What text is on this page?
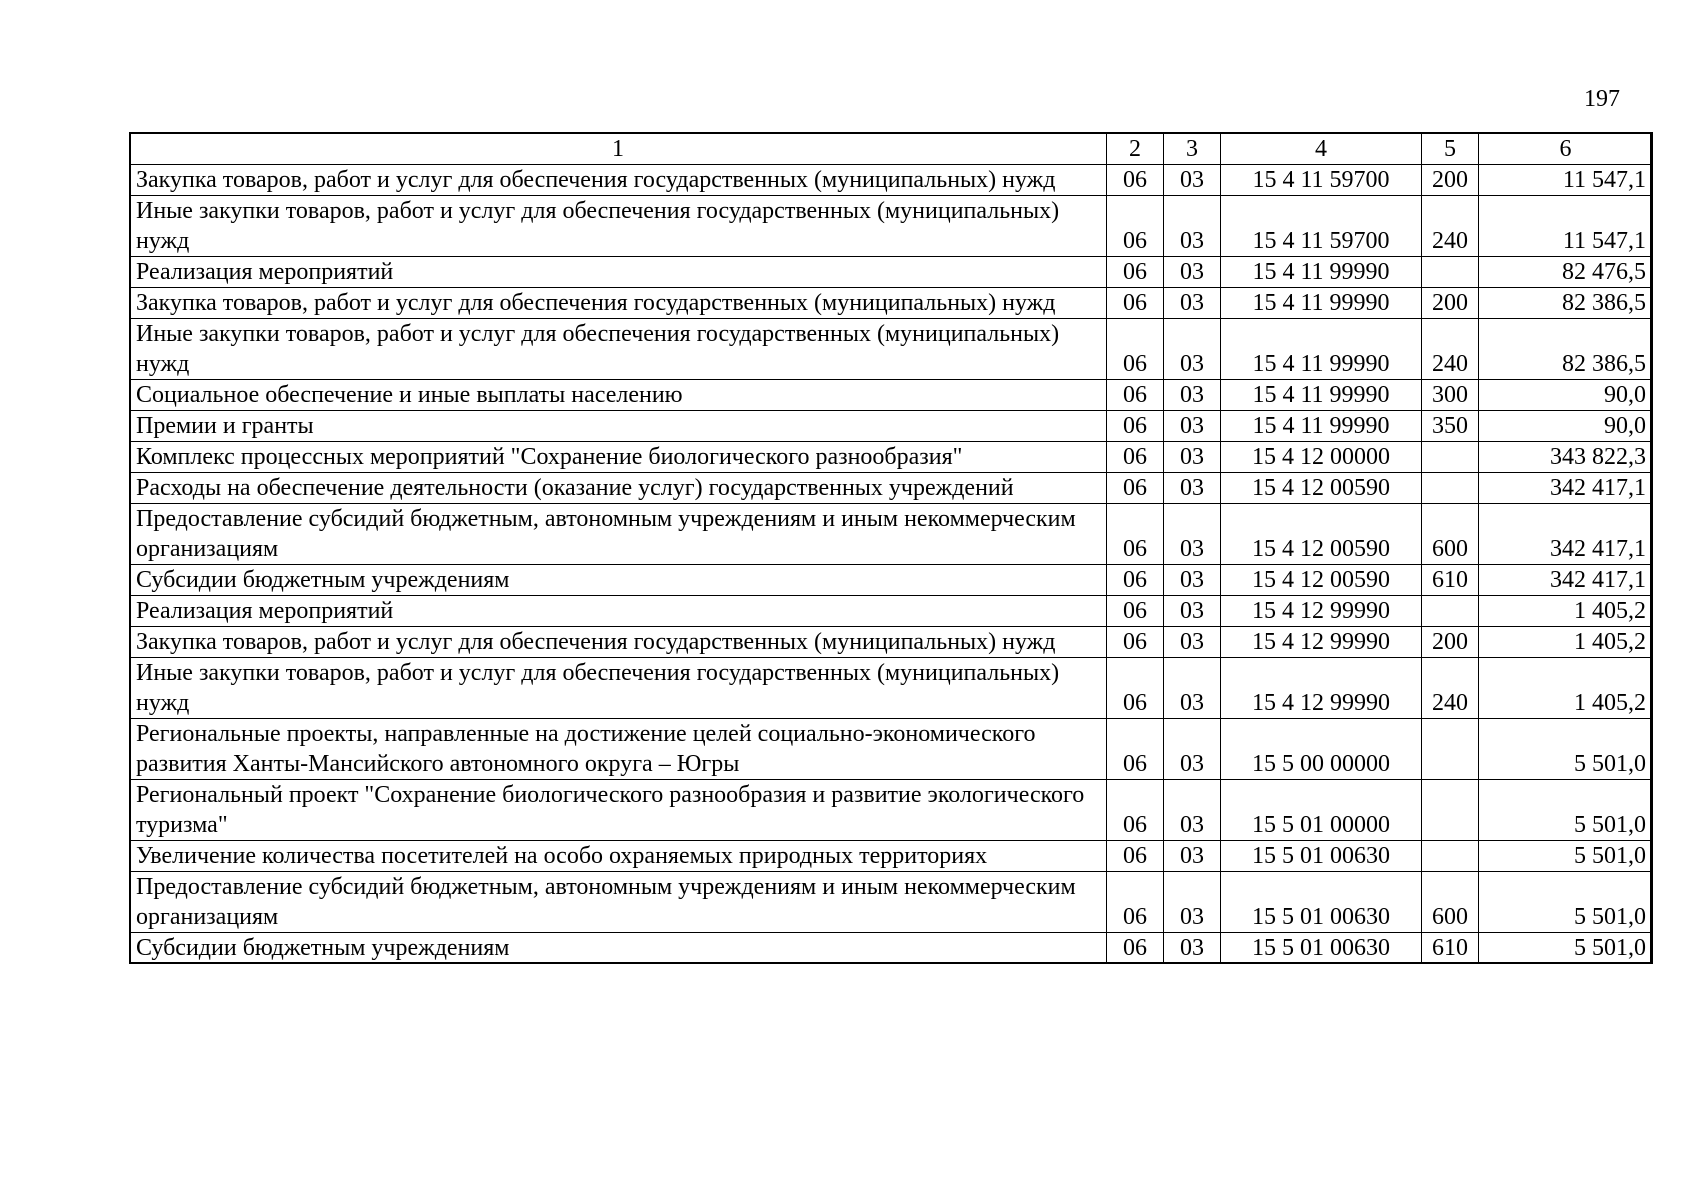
197
1	2	3	4	5	6
Закупка товаров, работ и услуг для обеспечения государственных (муниципальных) нужд	06	03	15 4 11 59700	200	11 547,1
Иные закупки товаров, работ и услуг для обеспечения государственных (муниципальных) нужд	06	03	15 4 11 59700	240	11 547,1
Реализация мероприятий	06	03	15 4 11 99990		82 476,5
Закупка товаров, работ и услуг для обеспечения государственных (муниципальных) нужд	06	03	15 4 11 99990	200	82 386,5
Иные закупки товаров, работ и услуг для обеспечения государственных (муниципальных) нужд	06	03	15 4 11 99990	240	82 386,5
Социальное обеспечение и иные выплаты населению	06	03	15 4 11 99990	300	90,0
Премии и гранты	06	03	15 4 11 99990	350	90,0
Комплекс процессных мероприятий "Сохранение биологического разнообразия"	06	03	15 4 12 00000		343 822,3
Расходы на обеспечение деятельности (оказание услуг) государственных учреждений	06	03	15 4 12 00590		342 417,1
Предоставление субсидий бюджетным, автономным учреждениям и иным некоммерческим организациям	06	03	15 4 12 00590	600	342 417,1
Субсидии бюджетным учреждениям	06	03	15 4 12 00590	610	342 417,1
Реализация мероприятий	06	03	15 4 12 99990		1 405,2
Закупка товаров, работ и услуг для обеспечения государственных (муниципальных) нужд	06	03	15 4 12 99990	200	1 405,2
Иные закупки товаров, работ и услуг для обеспечения государственных (муниципальных) нужд	06	03	15 4 12 99990	240	1 405,2
Региональные проекты, направленные на достижение целей социально-экономического развития Ханты-Мансийского автономного округа – Югры	06	03	15 5 00 00000		5 501,0
Региональный проект "Сохранение биологического разнообразия и развитие экологического туризма"	06	03	15 5 01 00000		5 501,0
Увеличение количества посетителей на особо охраняемых природных территориях	06	03	15 5 01 00630		5 501,0
Предоставление субсидий бюджетным, автономным учреждениям и иным некоммерческим организациям	06	03	15 5 01 00630	600	5 501,0
Субсидии бюджетным учреждениям	06	03	15 5 01 00630	610	5 501,0
